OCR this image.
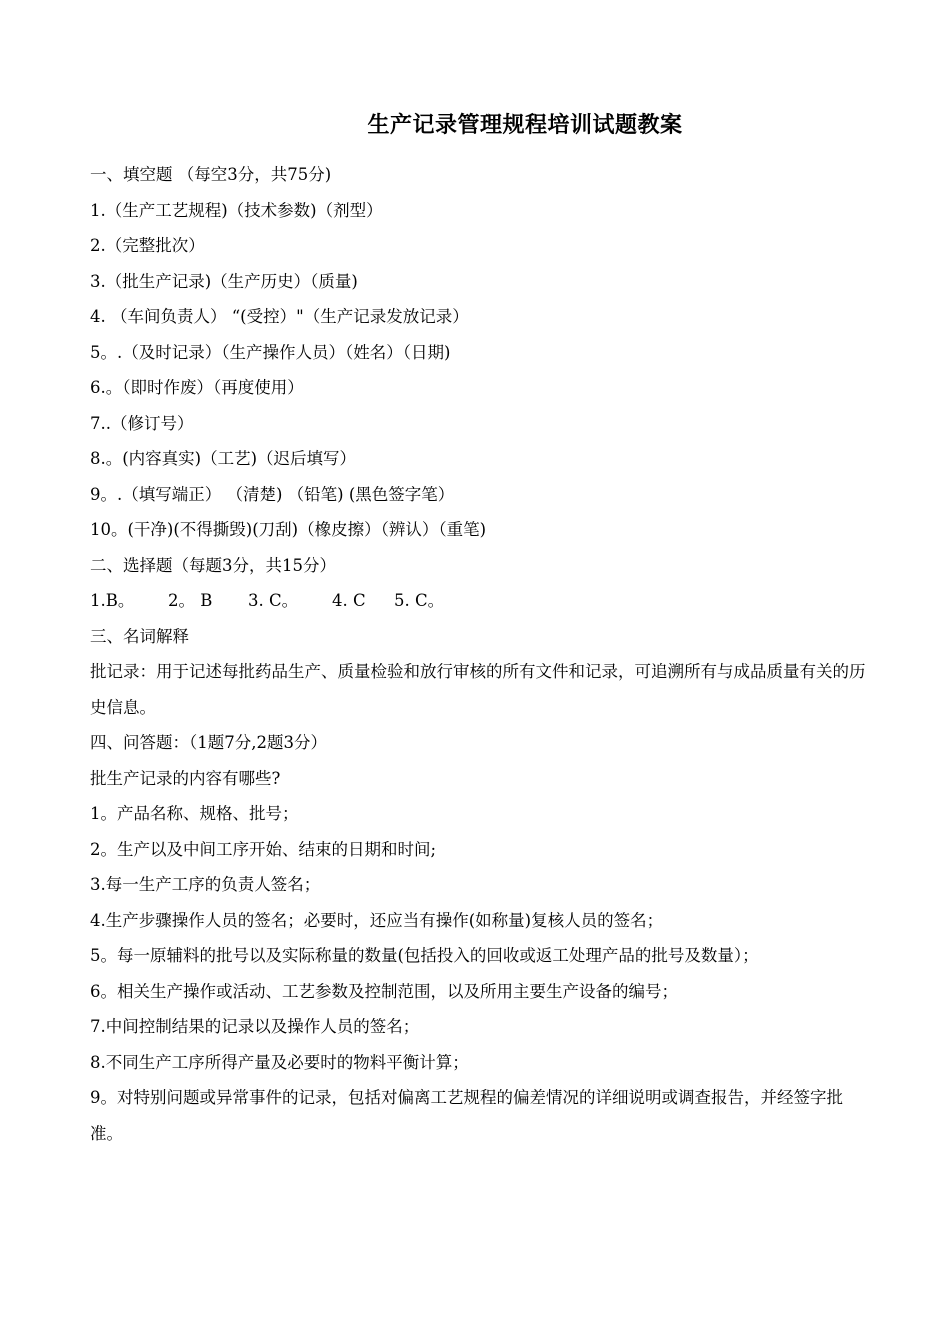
生产记录管理规程培训试题教案
一、填空题 （每空3分，共75分)
1.（生产工艺规程)（技术参数)（剂型）
2.（完整批次）
3.（批生产记录)（生产历史）（质量)
4. （车间负责人） “(受控）"（生产记录发放记录）
5。.（及时记录）（生产操作人员）（姓名）（日期)
6.。（即时作废）（再度使用）
7..（修订号）
8.。(内容真实)（工艺)（迟后填写）
9。.（填写端正） （清楚) （铅笔) (黑色签字笔）
10。(干净)(不得撕毁)(刀刮)（橡皮擦）（辨认）（重笔)
二、选择题（每题3分，共15分）
1.B。 2。 B 3. C。 4. C 5. C。
三、名词解释
批记录：用于记述每批药品生产、质量检验和放行审核的所有文件和记录，可追溯所有与成品质量有关的历史信息。
四、问答题：（1题7分,2题3分）
批生产记录的内容有哪些?
1。产品名称、规格、批号；
2。生产以及中间工序开始、结束的日期和时间;
3.每一生产工序的负责人签名；
4.生产步骤操作人员的签名；必要时，还应当有操作(如称量)复核人员的签名；
5。每一原辅料的批号以及实际称量的数量(包括投入的回收或返工处理产品的批号及数量）；
6。相关生产操作或活动、工艺参数及控制范围，以及所用主要生产设备的编号；
7.中间控制结果的记录以及操作人员的签名；
8.不同生产工序所得产量及必要时的物料平衡计算；
9。对特别问题或异常事件的记录，包括对偏离工艺规程的偏差情况的详细说明或调查报告，并经签字批准。
